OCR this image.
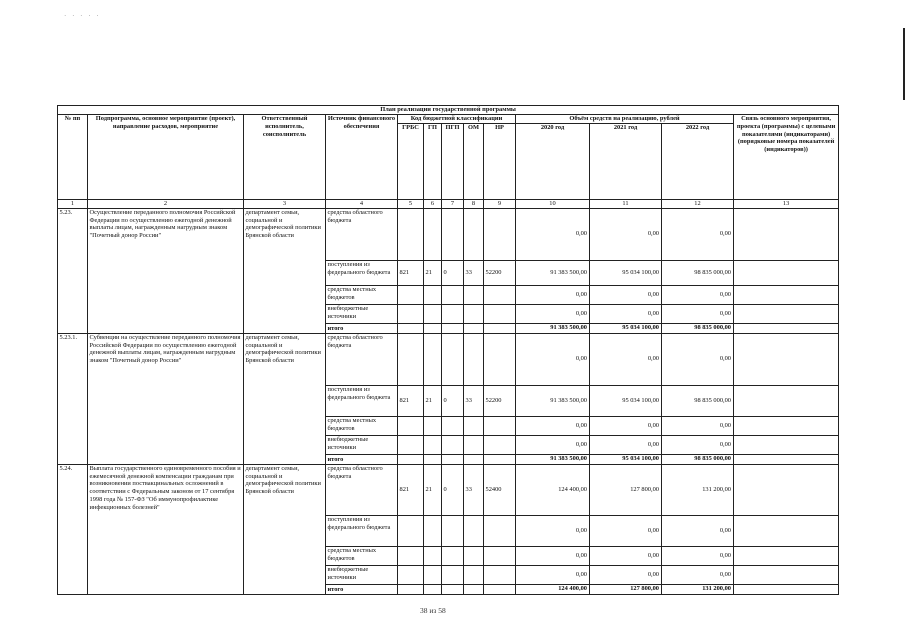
· · · · ·
План реализации государственной программы												
№ пп	Подпрограмма, основное мероприятие (проект), направление расходов, мероприятие	Ответственный исполнитель, соисполнитель	Источник финансового обеспечения	Код бюджетной классификации					Объём средств на реализацию, рублей			Связь основного мероприятия, проекта (программы) с целевыми показателями (индикаторами) (порядковые номера показателей (индикаторов))
				ГРБС	ГП	ПГП	ОМ	НР	2020 год	2021 год	2022 год	
1	2	3	4	5	6	7	8	9	10	11	12	13
5.23.	Осуществление переданного полномочия Российской Федерации по осуществлению ежегодной денежной выплаты лицам, награжденным нагрудным знаком "Почетный донор России"	департамент семьи, социальной и демографической политики Брянской области	средства областного бюджета						0,00	0,00	0,00	
			поступления из федерального бюджета	821	21	0	33	52200	91 383 500,00	95 034 100,00	98 835 000,00	
			средства местных бюджетов						0,00	0,00	0,00	
			внебюджетные источники						0,00	0,00	0,00	
			итого						91 383 500,00	95 034 100,00	98 835 000,00	
5.23.1.	Субвенции на осуществление переданного полномочия Российской Федерации по осуществлению ежегодной денежной выплаты лицам, награжденным нагрудным знаком "Почетный донор России"	департамент семьи, социальной и демографической политики Брянской области	средства областного бюджета						0,00	0,00	0,00	
			поступления из федерального бюджета	821	21	0	33	52200	91 383 500,00	95 034 100,00	98 835 000,00	
			средства местных бюджетов						0,00	0,00	0,00	
			внебюджетные источники						0,00	0,00	0,00	
			итого						91 383 500,00	95 034 100,00	98 835 000,00	
5.24.	Выплата государственного единовременного пособия и ежемесячной денежной компенсации гражданам при возникновении поствакцинальных осложнений в соответствии с Федеральным законом от 17 сентября 1998 года № 157-ФЗ "Об иммунопрофилактике инфекционных болезней"	департамент семьи, социальной и демографической политики Брянской области	средства областного бюджета	821	21	0	33	52400	124 400,00	127 800,00	131 200,00	
			поступления из федерального бюджета						0,00	0,00	0,00	
			средства местных бюджетов						0,00	0,00	0,00	
			внебюджетные источники						0,00	0,00	0,00	
			итого						124 400,00	127 800,00	131 200,00	
38 из 58
